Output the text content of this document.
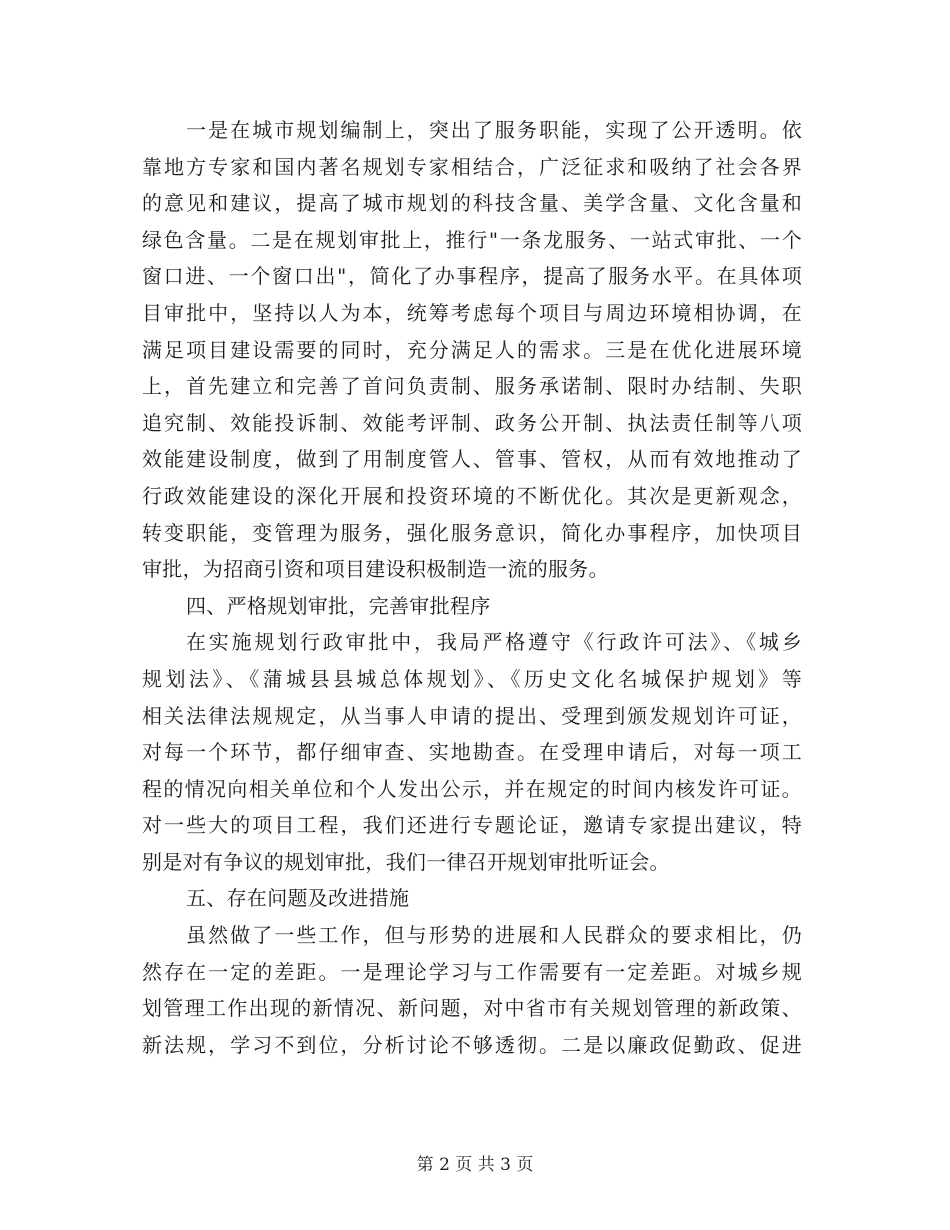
一是在城市规划编制上，突出了服务职能，实现了公开透明。依
靠地方专家和国内著名规划专家相结合，广泛征求和吸纳了社会各界
的意见和建议，提高了城市规划的科技含量、美学含量、文化含量和
绿色含量。二是在规划审批上，推行"一条龙服务、一站式审批、一个
窗口进、一个窗口出"，简化了办事程序，提高了服务水平。在具体项
目审批中，坚持以人为本，统筹考虑每个项目与周边环境相协调，在
满足项目建设需要的同时，充分满足人的需求。三是在优化进展环境
上，首先建立和完善了首问负责制、服务承诺制、限时办结制、失职
追究制、效能投诉制、效能考评制、政务公开制、执法责任制等八项
效能建设制度，做到了用制度管人、管事、管权，从而有效地推动了
行政效能建设的深化开展和投资环境的不断优化。其次是更新观念，
转变职能，变管理为服务，强化服务意识，简化办事程序，加快项目
审批，为招商引资和项目建设积极制造一流的服务。
四、严格规划审批，完善审批程序
在实施规划行政审批中，我局严格遵守《行政许可法》、《城乡
规划法》、《蒲城县县城总体规划》、《历史文化名城保护规划》等
相关法律法规规定，从当事人申请的提出、受理到颁发规划许可证，
对每一个环节，都仔细审查、实地勘查。在受理申请后，对每一项工
程的情况向相关单位和个人发出公示，并在规定的时间内核发许可证。
对一些大的项目工程，我们还进行专题论证，邀请专家提出建议，特
别是对有争议的规划审批，我们一律召开规划审批听证会。
五、存在问题及改进措施
虽然做了一些工作，但与形势的进展和人民群众的要求相比，仍
然存在一定的差距。一是理论学习与工作需要有一定差距。对城乡规
划管理工作出现的新情况、新问题，对中省市有关规划管理的新政策、
新法规，学习不到位，分析讨论不够透彻。二是以廉政促勤政、促进
第 2 页 共 3 页
